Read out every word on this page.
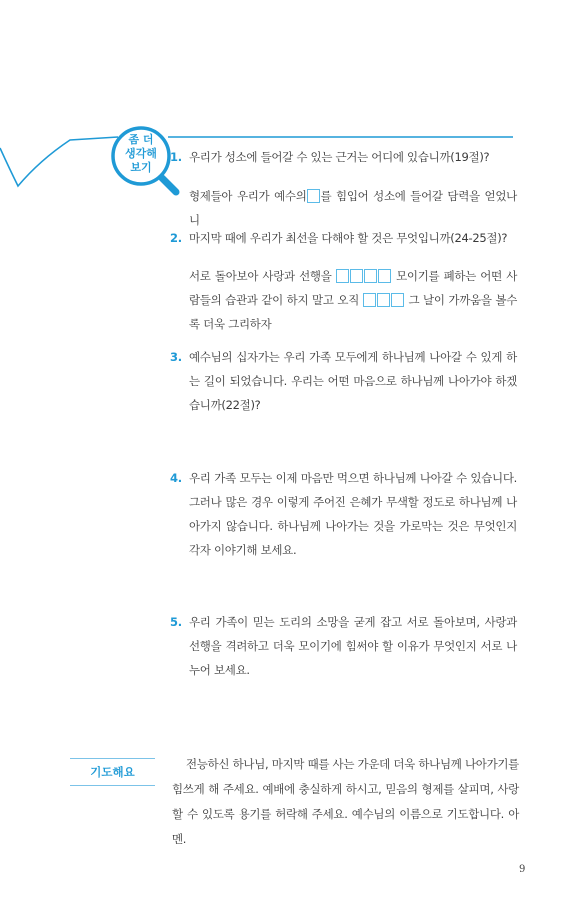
좀 더
생각해
보기
1. 우리가 성소에 들어갈 수 있는 근거는 어디에 있습니까(19절)?
형제들아 우리가 예수의 를 힘입어 성소에 들어갈 담력을 얻었나니
2. 마지막 때에 우리가 최선을 다해야 할 것은 무엇입니까(24-25절)?
서로 돌아보아 사랑과 선행을	모이기를 폐하는 어떤 사람들의 습관과 같이 하지 말고 오직	그 날이 가까움을 볼수록 더욱 그리하자
3. 예수님의 십자가는 우리 가족 모두에게 하나님께 나아갈 수 있게 하는 길이 되었습니다. 우리는 어떤 마음으로 하나님께 나아가야 하겠습니까(22절)?
4. 우리 가족 모두는 이제 마음만 먹으면 하나님께 나아갈 수 있습니다. 그러나 많은 경우 이렇게 주어진 은혜가 무색할 정도로 하나님께 나아가지 않습니다. 하나님께 나아가는 것을 가로막는 것은 무엇인지 각자 이야기해 보세요.
5. 우리 가족이 믿는 도리의 소망을 굳게 잡고 서로 돌아보며, 사랑과 선행을 격려하고 더욱 모이기에 힘써야 할 이유가 무엇인지 서로 나누어 보세요.
기도해요
전능하신 하나님, 마지막 때를 사는 가운데 더욱 하나님께 나아가기를 힘쓰게 해 주세요. 예배에 충실하게 하시고, 믿음의 형제를 살피며, 사랑할 수 있도록 용기를 허락해 주세요. 예수님의 이름으로 기도합니다. 아멘.
9
